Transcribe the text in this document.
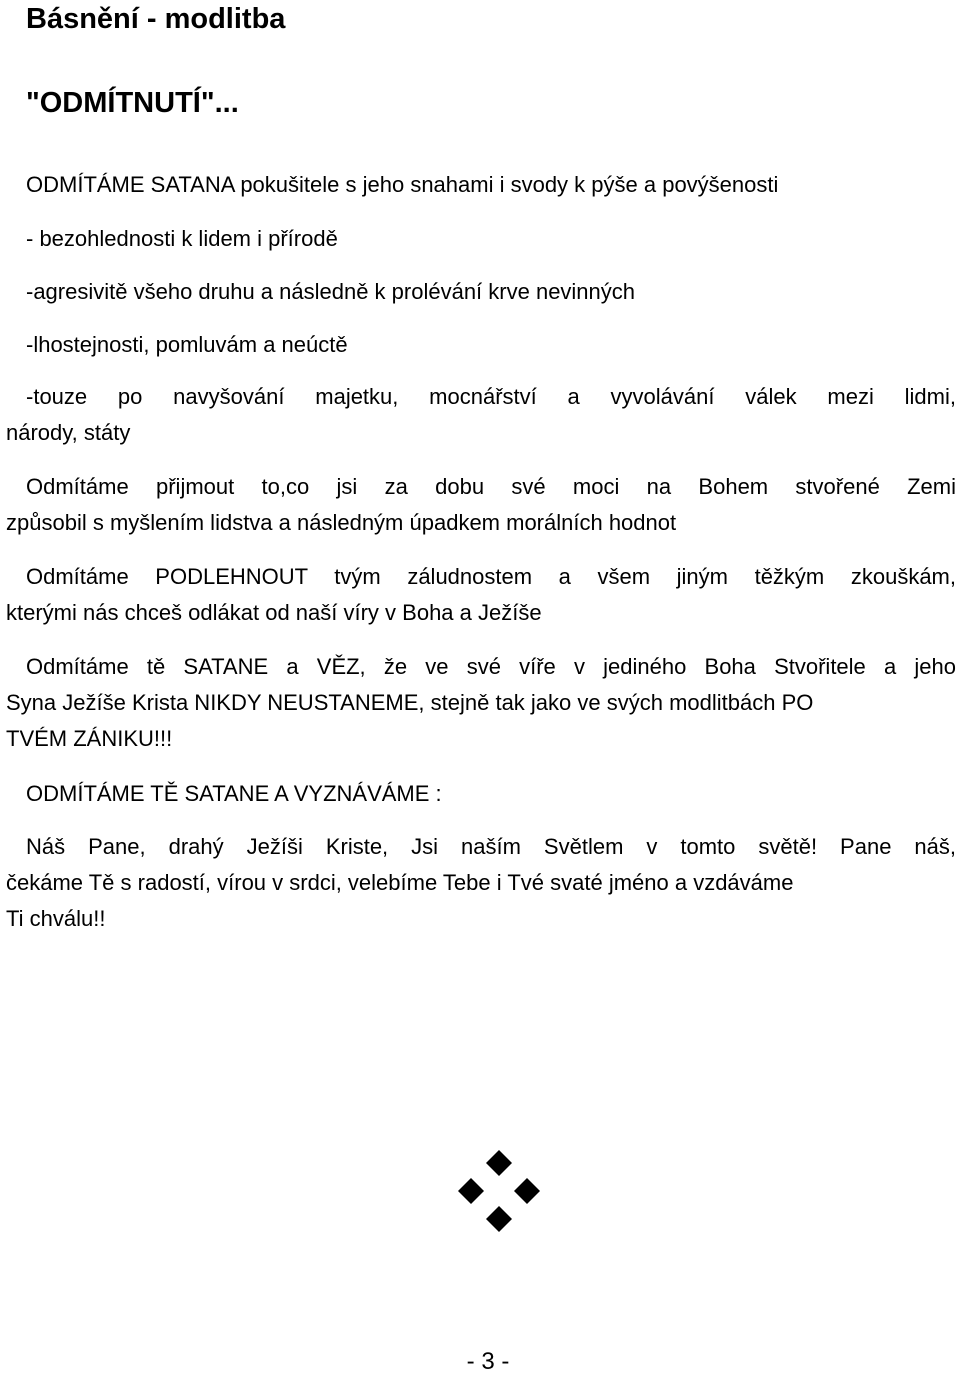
Básnění - modlitba
"ODMÍTNUTÍ"...

ODMÍTÁME SATANA pokušitele s jeho snahami i svody k pýše a povýšenosti

- bezohlednosti k lidem i přírodě

-agresivitě všeho druhu a následně k prolévání krve nevinných

-lhostejnosti, pomluvám a neúctě

-touze po navyšování majetku, mocnářství a vyvolávání válek mezi lidmi,
národy, státy
Odmítáme přijmout to,co jsi za dobu své moci na Bohem stvořené Zemi
způsobil s myšlením lidstva a následným úpadkem morálních hodnot
Odmítáme PODLEHNOUT tvým záludnostem a všem jiným těžkým zkouškám,
kterými nás chceš odlákat od naší víry v Boha a Ježíše
Odmítáme tě SATANE a VĚZ, že ve své víře v jediného Boha Stvořitele a jeho
Syna Ježíše Krista NIKDY NEUSTANEME, stejně tak jako ve svých modlitbách PO
TVÉM ZÁNIKU!!!

ODMÍTÁME TĚ SATANE A VYZNÁVÁME :

Náš Pane, drahý Ježíši Kriste, Jsi naším Světlem v tomto světě! Pane náš,
čekáme Tě s radostí, vírou v srdci, velebíme Tebe i Tvé svaté jméno a vzdáváme
Ti chválu!!

- 3 -
